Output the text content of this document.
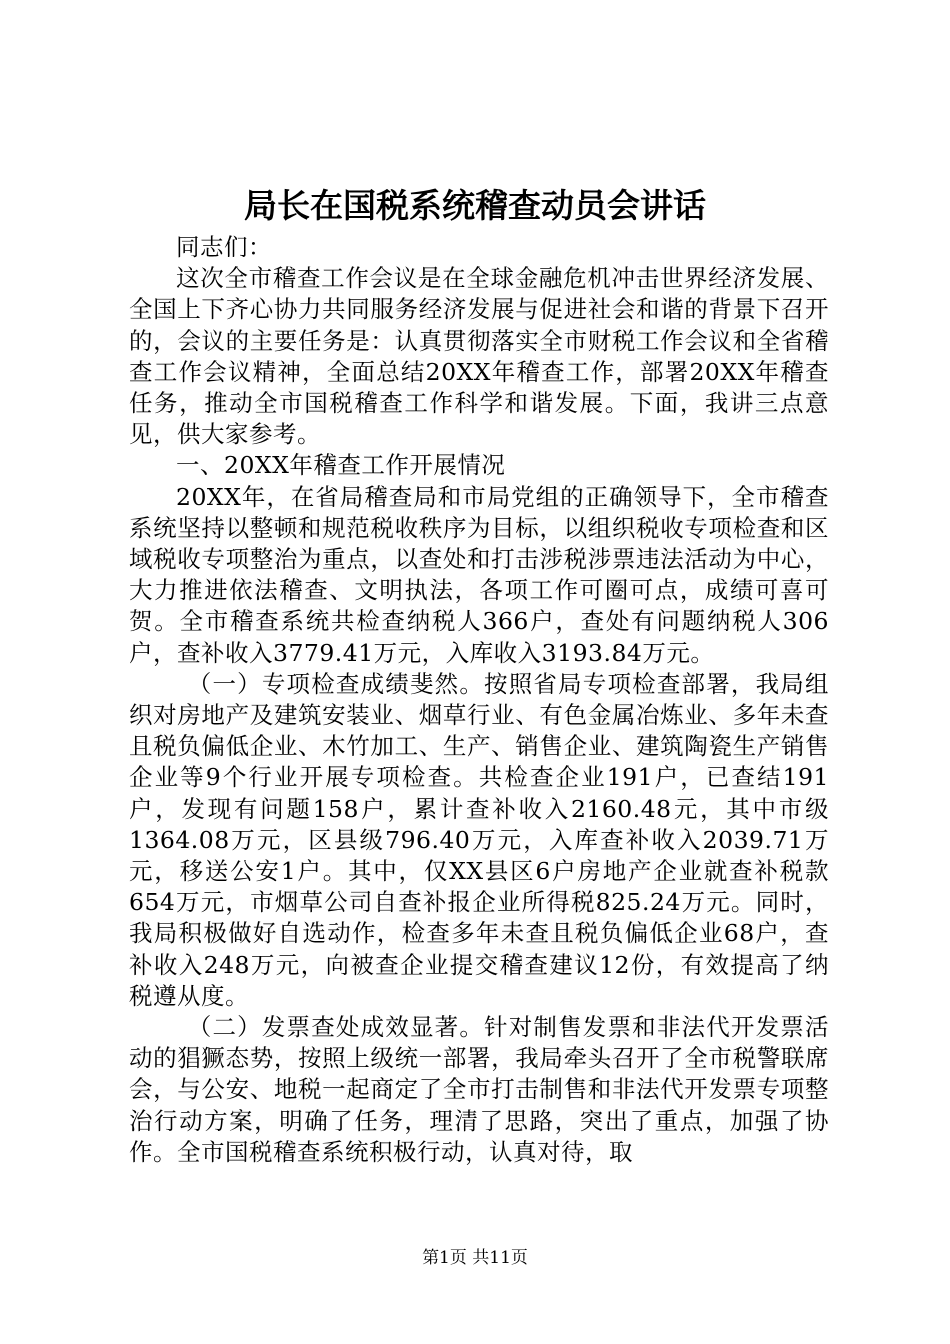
局长在国税系统稽查动员会讲话

同志们：

这次全市稽查工作会议是在全球金融危机冲击世界经济发展、全国上下齐心协力共同服务经济发展与促进社会和谐的背景下召开的，会议的主要任务是：认真贯彻落实全市财税工作会议和全省稽查工作会议精神，全面总结20XX年稽查工作，部署20XX年稽查任务，推动全市国税稽查工作科学和谐发展。下面，我讲三点意见，供大家参考。

一、20XX年稽查工作开展情况

20XX年，在省局稽查局和市局党组的正确领导下，全市稽查系统坚持以整顿和规范税收秩序为目标，以组织税收专项检查和区域税收专项整治为重点，以查处和打击涉税涉票违法活动为中心，大力推进依法稽查、文明执法，各项工作可圈可点，成绩可喜可贺。全市稽查系统共检查纳税人366户，查处有问题纳税人306户，查补收入3779.41万元，入库收入3193.84万元。

（一）专项检查成绩斐然。按照省局专项检查部署，我局组织对房地产及建筑安装业、烟草行业、有色金属冶炼业、多年未查且税负偏低企业、木竹加工、生产、销售企业、建筑陶瓷生产销售企业等9个行业开展专项检查。共检查企业191户，已查结191户，发现有问题158户，累计查补收入2160.48元，其中市级1364.08万元，区县级796.40万元，入库查补收入2039.71万元，移送公安1户。其中，仅XX县区6户房地产企业就查补税款654万元，市烟草公司自查补报企业所得税825.24万元。同时，我局积极做好自选动作，检查多年未查且税负偏低企业68户，查补收入248万元，向被查企业提交稽查建议12份，有效提高了纳税遵从度。

（二）发票查处成效显著。针对制售发票和非法代开发票活动的猖獗态势，按照上级统一部署，我局牵头召开了全市税警联席会，与公安、地税一起商定了全市打击制售和非法代开发票专项整治行动方案，明确了任务，理清了思路，突出了重点，加强了协作。全市国税稽查系统积极行动，认真对待，取

第1页 共11页
